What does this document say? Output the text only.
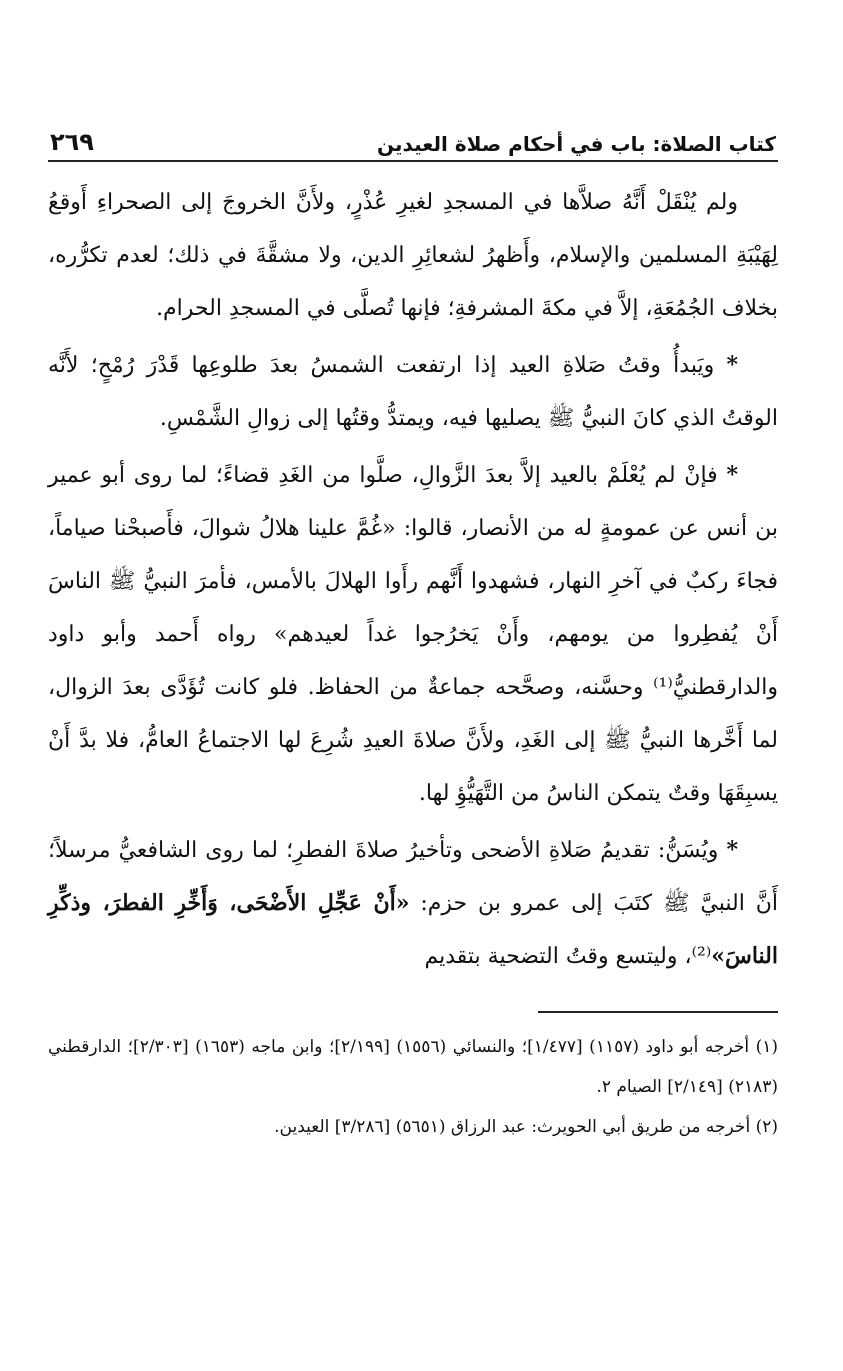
كتاب الصلاة: باب في أحكام صلاة العيدين
٢٦٩

ولم يُنْقَلْ أَنَّهُ صلاَّها في المسجدِ لغيرِ عُذْرٍ، ولأَنَّ الخروجَ إلى الصحراءِ أَوقعُ لِهَيْبَةِ المسلمين والإسلام، وأَظهرُ لشعائِرِ الدين، ولا مشقَّةَ في ذلك؛ لعدم تكرُّره، بخلاف الجُمُعَةِ، إلاَّ في مكةَ المشرفةِ؛ فإنها تُصلَّى في المسجدِ الحرام.

* ويَبدأُ وقتُ صَلاةِ العيد إذا ارتفعت الشمسُ بعدَ طلوعِها قَدْرَ رُمْحٍ؛ لأَنَّه الوقتُ الذي كانَ النبيُّ ﷺ يصليها فيه، ويمتدُّ وقتُها إلى زوالِ الشَّمْسِ.

* فإنْ لم يُعْلَمْ بالعيد إلاَّ بعدَ الزَّوالِ، صلَّوا من الغَدِ قضاءً؛ لما روى أبو عمير بن أنس عن عمومةٍ له من الأنصار، قالوا: «غُمَّ علينا هلالُ شوالَ، فأَصبحْنا صياماً، فجاءَ ركبٌ في آخرِ النهار، فشهدوا أَنَّهم رأَوا الهلالَ بالأمس، فأمرَ النبيُّ ﷺ الناسَ أَنْ يُفطِروا من يومهم، وأَنْ يَخرُجوا غداً لعيدهم» رواه أَحمد وأبو داود والدارقطنيُّ⁽¹⁾ وحسَّنه، وصحَّحه جماعةٌ من الحفاظ. فلو كانت تُؤَدَّى بعدَ الزوال، لما أَخَّرها النبيُّ ﷺ إلى الغَدِ، ولأَنَّ صلاةَ العيدِ شُرِعَ لها الاجتماعُ العامُّ، فلا بدَّ أَنْ يسبِقَهَا وقتٌ يتمكن الناسُ من التَّهَيُّؤِ لها.

* ويُسَنُّ: تقديمُ صَلاةِ الأضحى وتأخيرُ صلاةَ الفطرِ؛ لما روى الشافعيُّ مرسلاً؛ أَنَّ النبيَّ ﷺ كتَبَ إلى عمرو بن حزم: «أَنْ عَجِّلِ الأَضْحَى، وَأَخِّرِ الفطرَ، وذكِّرِ الناسَ»⁽²⁾، وليتسع وقتُ التضحية بتقديم

(١) أخرجه أبو داود (١١٥٧) [١/٤٧٧]؛ والنسائي (١٥٥٦) [٢/١٩٩]؛ وابن ماجه (١٦٥٣) [٢/٣٠٣]؛ الدارقطني (٢١٨٣) [٢/١٤٩] الصيام ٢.

(٢) أخرجه من طريق أبي الحويرث: عبد الرزاق (٥٦٥١) [٣/٢٨٦] العيدين.
